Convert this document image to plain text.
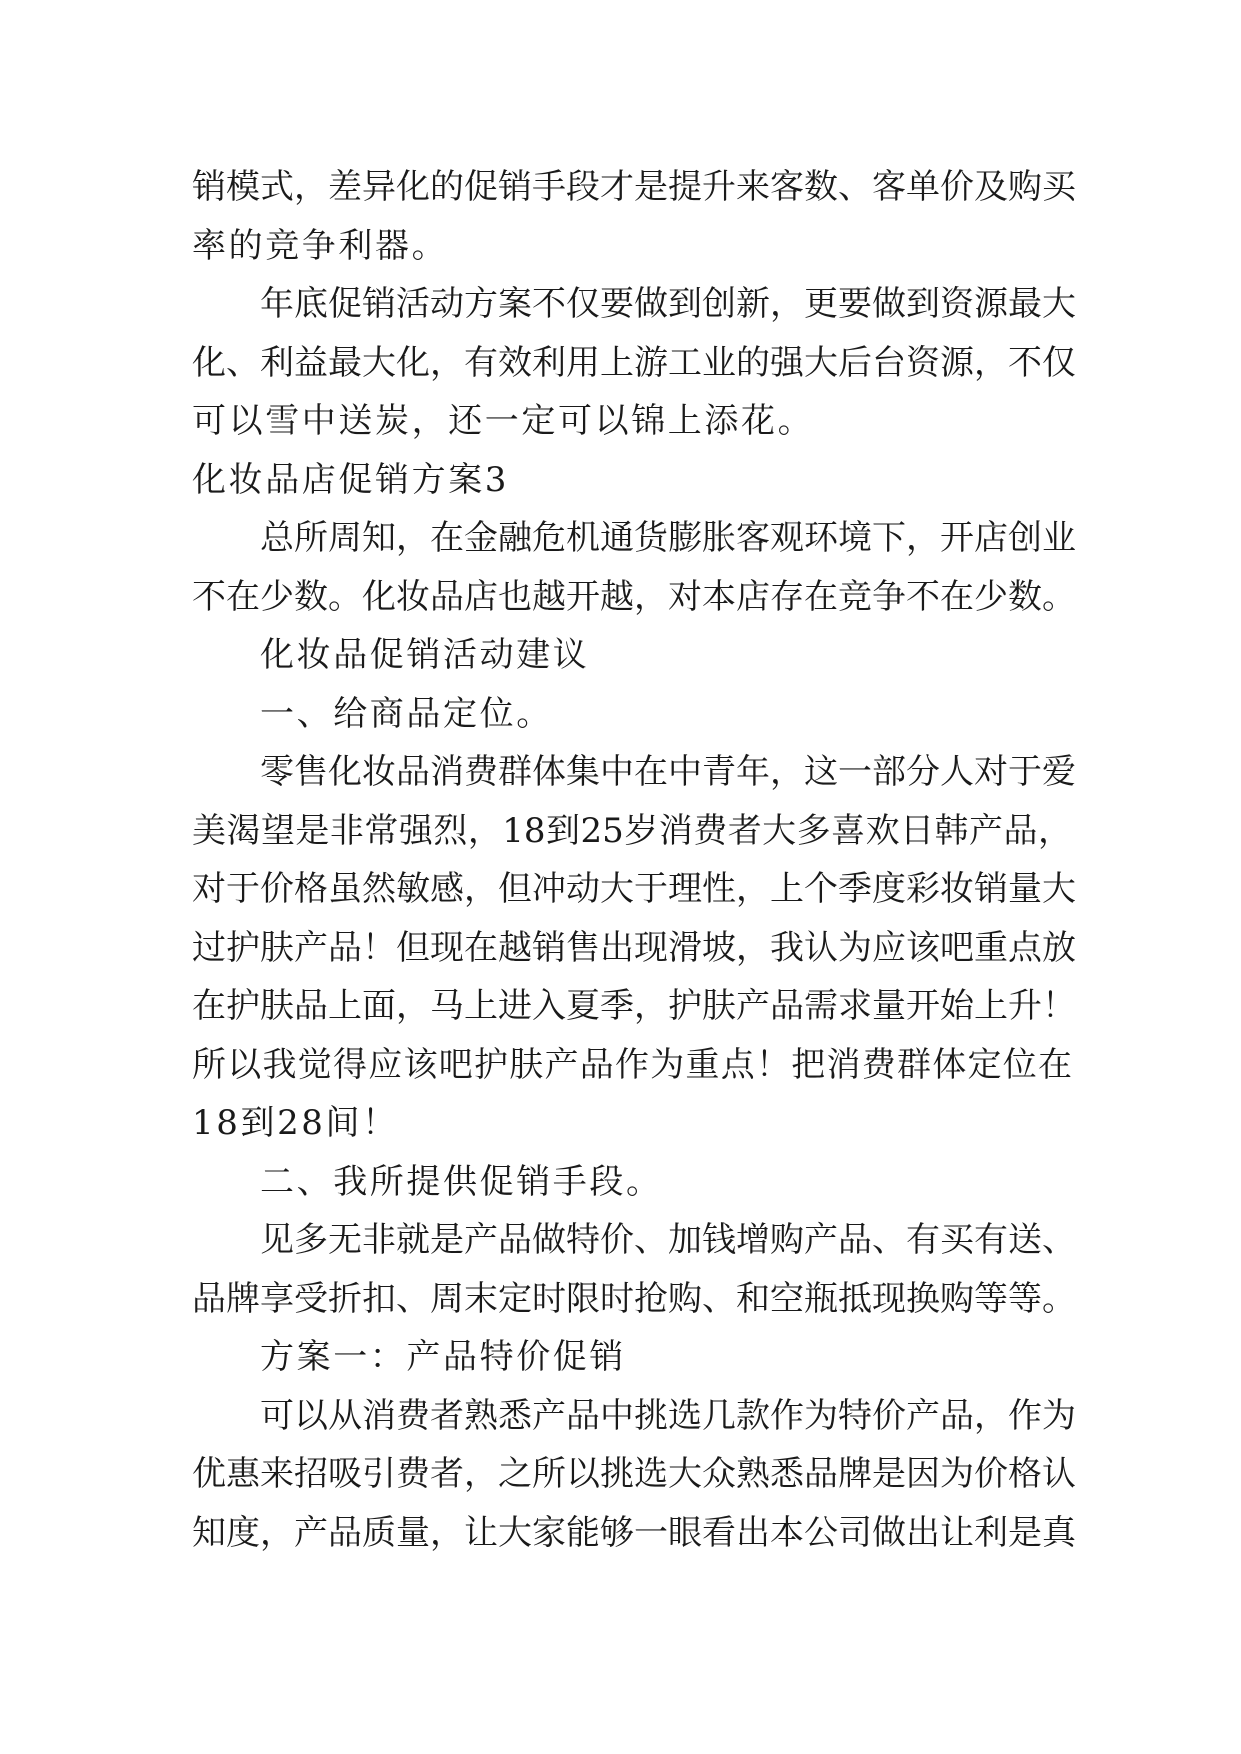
销模式，差异化的促销手段才是提升来客数、客单价及购买
率的竞争利器。
年底促销活动方案不仅要做到创新，更要做到资源最大
化、利益最大化，有效利用上游工业的强大后台资源，不仅
可以雪中送炭，还一定可以锦上添花。
化妆品店促销方案3
总所周知，在金融危机通货膨胀客观环境下，开店创业
不在少数。化妆品店也越开越，对本店存在竞争不在少数。
化妆品促销活动建议
一、给商品定位。
零售化妆品消费群体集中在中青年，这一部分人对于爱
美渴望是非常强烈，18到25岁消费者大多喜欢日韩产品，
对于价格虽然敏感，但冲动大于理性，上个季度彩妆销量大
过护肤产品！但现在越销售出现滑坡，我认为应该吧重点放
在护肤品上面，马上进入夏季，护肤产品需求量开始上升！
所以我觉得应该吧护肤产品作为重点！把消费群体定位在
18到28间！
二、我所提供促销手段。
见多无非就是产品做特价、加钱增购产品、有买有送、
品牌享受折扣、周末定时限时抢购、和空瓶抵现换购等等。
方案一：产品特价促销
可以从消费者熟悉产品中挑选几款作为特价产品，作为
优惠来招吸引费者，之所以挑选大众熟悉品牌是因为价格认
知度，产品质量，让大家能够一眼看出本公司做出让利是真
